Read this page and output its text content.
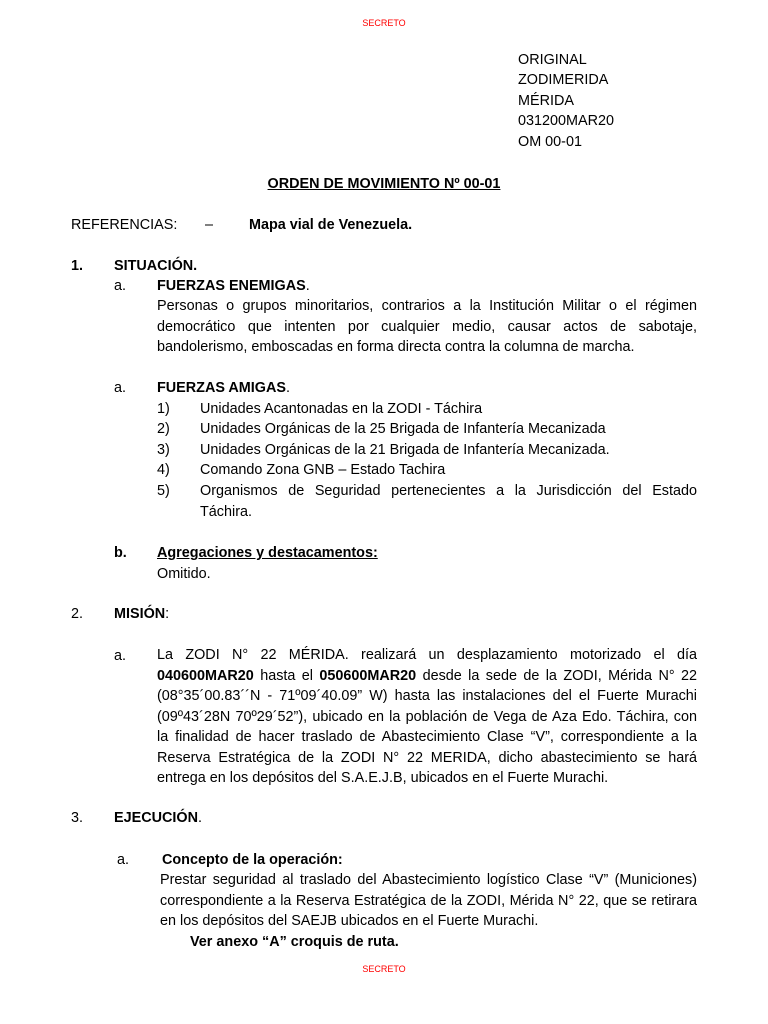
SECRETO
ORIGINAL
ZODIMERIDA
MÉRIDA
031200MAR20
OM 00-01
ORDEN DE MOVIMIENTO Nº 00-01
REFERENCIAS: – Mapa vial de Venezuela.
1. SITUACIÓN.
a. FUERZAS ENEMIGAS.
Personas o grupos minoritarios, contrarios a la Institución Militar o el régimen democrático que intenten por cualquier medio, causar actos de sabotaje, bandolerismo, emboscadas en forma directa contra la columna de marcha.
a. FUERZAS AMIGAS.
1) Unidades Acantonadas en la ZODI - Táchira
2) Unidades Orgánicas de la 25 Brigada de Infantería Mecanizada
3) Unidades Orgánicas de la 21 Brigada de Infantería Mecanizada.
4) Comando Zona GNB – Estado Tachira
5) Organismos de Seguridad pertenecientes a la Jurisdicción del Estado Táchira.
b. Agregaciones y destacamentos:
Omitido.
2. MISIÓN:
a. La ZODI N° 22 MÉRIDA. realizará un desplazamiento motorizado el día 040600MAR20 hasta el 050600MAR20 desde la sede de la ZODI, Mérida N° 22 (08°35´00.83´´N - 71º09´40.09” W) hasta las instalaciones del el Fuerte Murachi (09º43´28N 70º29´52”), ubicado en la población de Vega de Aza Edo. Táchira, con la finalidad de hacer traslado de Abastecimiento Clase “V”, correspondiente a la Reserva Estratégica de la ZODI N° 22 MERIDA, dicho abastecimiento se hará entrega en los depósitos del S.A.E.J.B, ubicados en el Fuerte Murachi.
3. EJECUCIÓN.
a. Concepto de la operación:
Prestar seguridad al traslado del Abastecimiento logístico Clase “V” (Municiones) correspondiente a la Reserva Estratégica de la ZODI, Mérida N° 22, que se retirara en los depósitos del SAEJB ubicados en el Fuerte Murachi.
Ver anexo “A” croquis de ruta.
SECRETO
